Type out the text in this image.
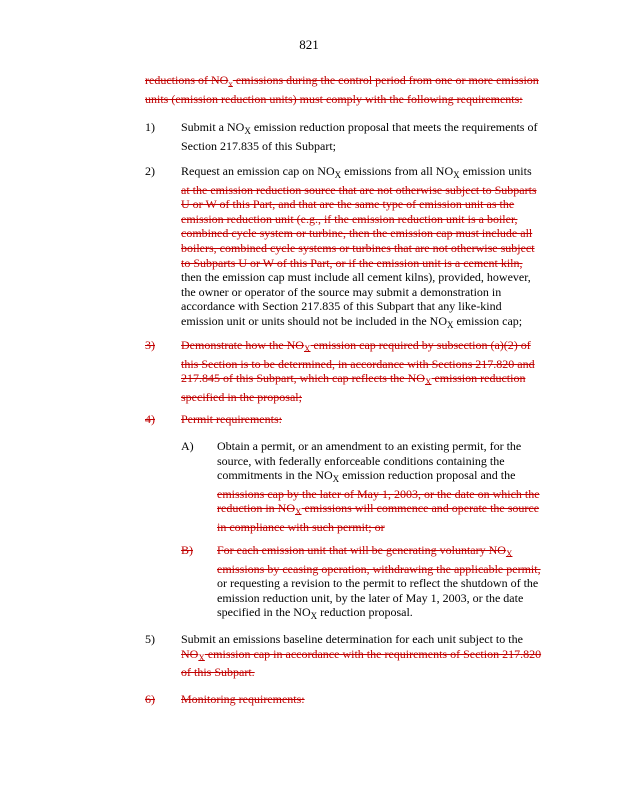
821
reductions of $NO_x$ emissions during the control period from one or more emission
units (emission reduction units) must comply with the following requirements:
1)	Submit a $NO_X$ emission reduction proposal that meets the requirements of
Section 217.835 of this Subpart;
2)	Request an emission cap on $NO_X$ emissions from all $NO_X$ emission units
at the emission reduction source that are not otherwise subject to Subparts
U or W of this Part, and that are the same type of emission unit as the
emission reduction unit (e.g., if the emission reduction unit is a boiler,
combined cycle system or turbine, then the emission cap must include all
boilers, combined cycle systems or turbines that are not otherwise subject
to Subparts U or W of this Part, or if the emission unit is a cement kiln,
then the emission cap must include all cement kilns), provided, however,
the owner or operator of the source may submit a demonstration in
accordance with Section 217.835 of this Subpart that any like-kind
emission unit or units should not be included in the $NO_X$ emission cap;
3)	Demonstrate how the $NO_X$ emission cap required by subsection (a)(2) of
this Section is to be determined, in accordance with Sections 217.820 and
217.845 of this Subpart, which cap reflects the $NO_X$ emission reduction
specified in the proposal;
4)	Permit requirements:
A)	Obtain a permit, or an amendment to an existing permit, for the
source, with federally enforceable conditions containing the
commitments in the $NO_X$ emission reduction proposal and the
emissions cap by the later of May 1, 2003, or the date on which the
reduction in $NO_X$ emissions will commence and operate the source
in compliance with such permit; or
B)	For each emission unit that will be generating voluntary $NO_X$
emissions by ceasing operation, withdrawing the applicable permit,
or requesting a revision to the permit to reflect the shutdown of the
emission reduction unit, by the later of May 1, 2003, or the date
specified in the $NO_X$ reduction proposal.
5)	Submit an emissions baseline determination for each unit subject to the
$NO_X$ emission cap in accordance with the requirements of Section 217.820
of this Subpart.
6)	Monitoring requirements:
